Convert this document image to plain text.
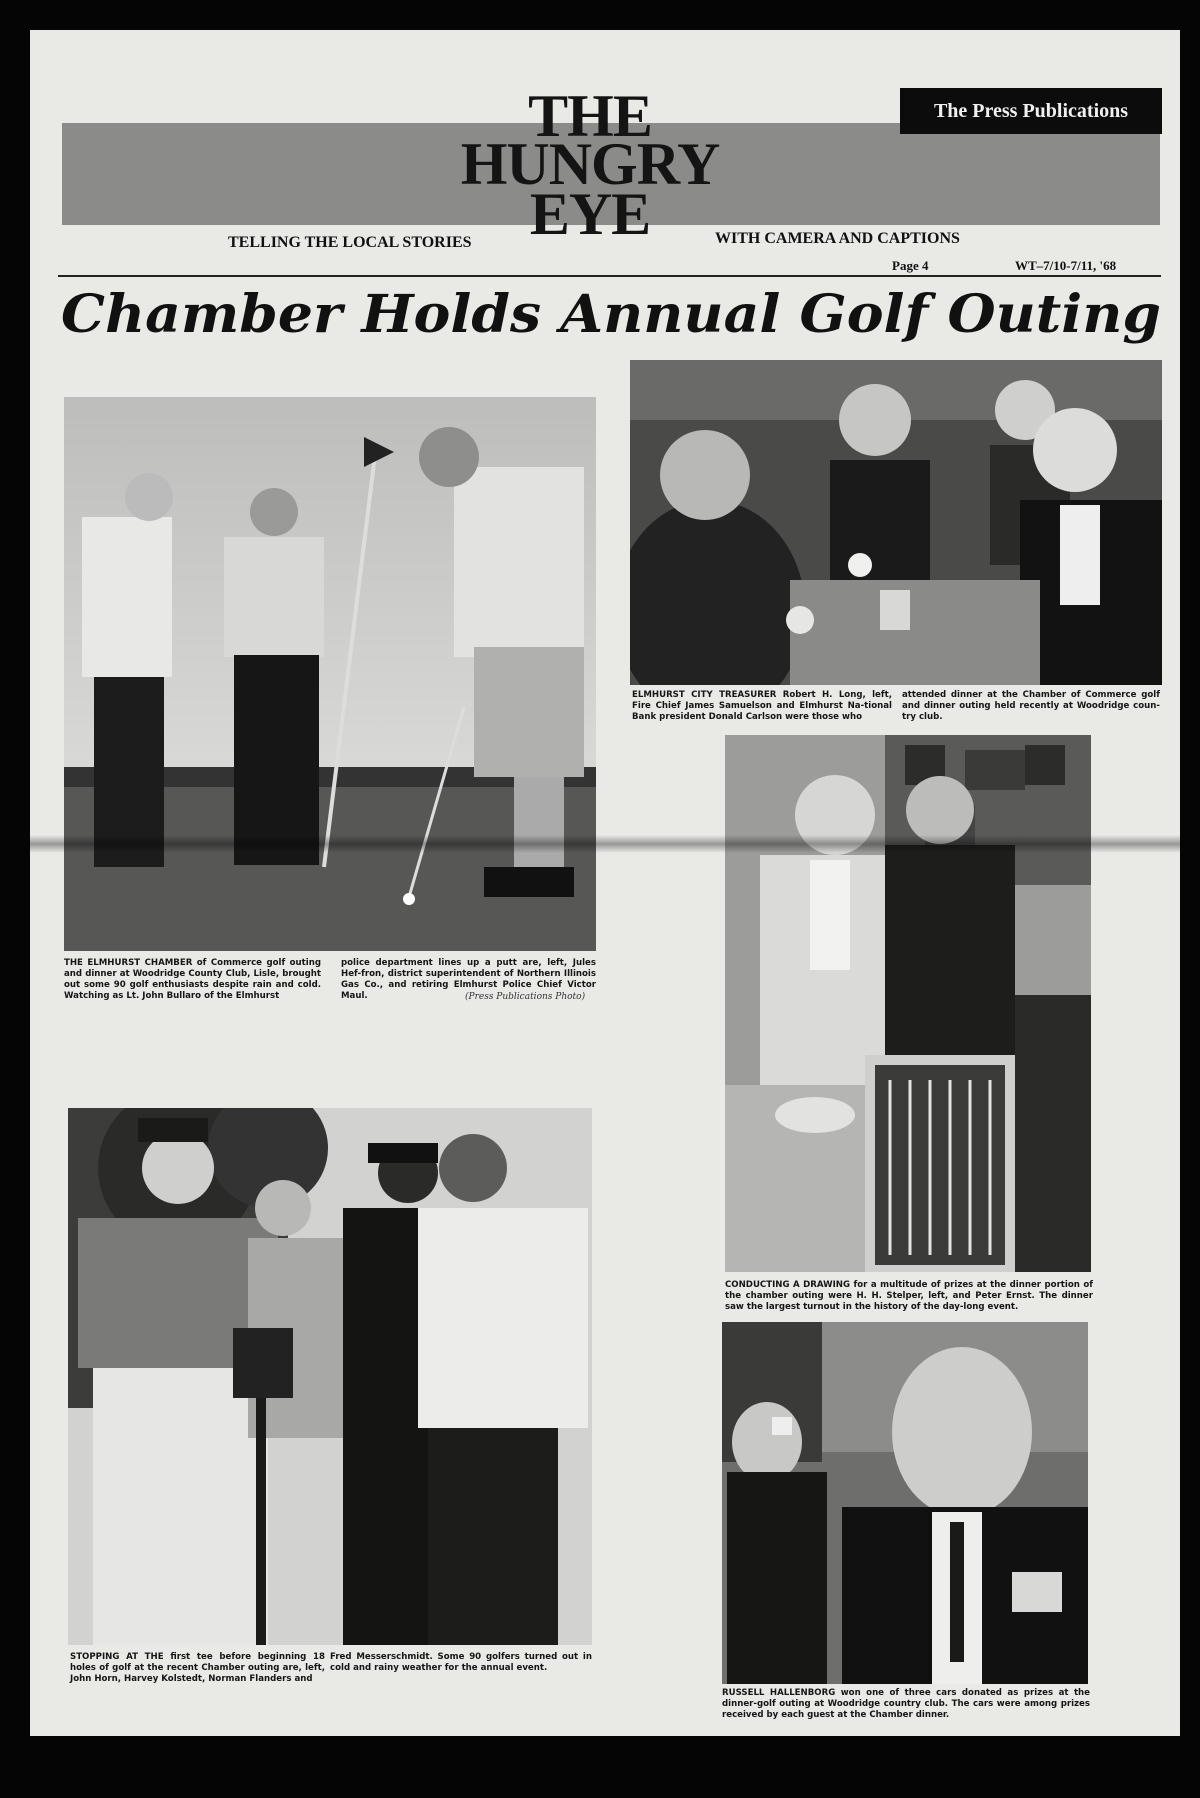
THE
HUNGRY
EYE
The Press Publications
TELLING THE LOCAL STORIES	WITH CAMERA AND CAPTIONS
Page 4	WT–7/10-7/11, '68
Chamber Holds Annual Golf Outing
THE ELMHURST CHAMBER of Commerce golf outing and dinner at Woodridge County Club, Lisle, brought out some 90 golf enthusiasts despite rain and cold. Watching as Lt. John Bullaro of the Elmhurst
police department lines up a putt are, left, Jules Hef-fron, district superintendent of Northern Illinois Gas Co., and retiring Elmhurst Police Chief Victor Maul.	(Press Publications Photo)
ELMHURST CITY TREASURER Robert H. Long, left, Fire Chief James Samuelson and Elmhurst Na-tional Bank president Donald Carlson were those who
attended dinner at the Chamber of Commerce golf and dinner outing held recently at Woodridge coun-try club.
CONDUCTING A DRAWING for a multitude of prizes at the dinner portion of the chamber outing were H. H. Stelper, left, and Peter Ernst. The dinner saw the largest turnout in the history of the day-long event.
STOPPING AT THE first tee before beginning 18 holes of golf at the recent Chamber outing are, left, John Horn, Harvey Kolstedt, Norman Flanders and
Fred Messerschmidt. Some 90 golfers turned out in cold and rainy weather for the annual event.
RUSSELL HALLENBORG won one of three cars donated as prizes at the dinner-golf outing at Woodridge country club. The cars were among prizes received by each guest at the Chamber dinner.
